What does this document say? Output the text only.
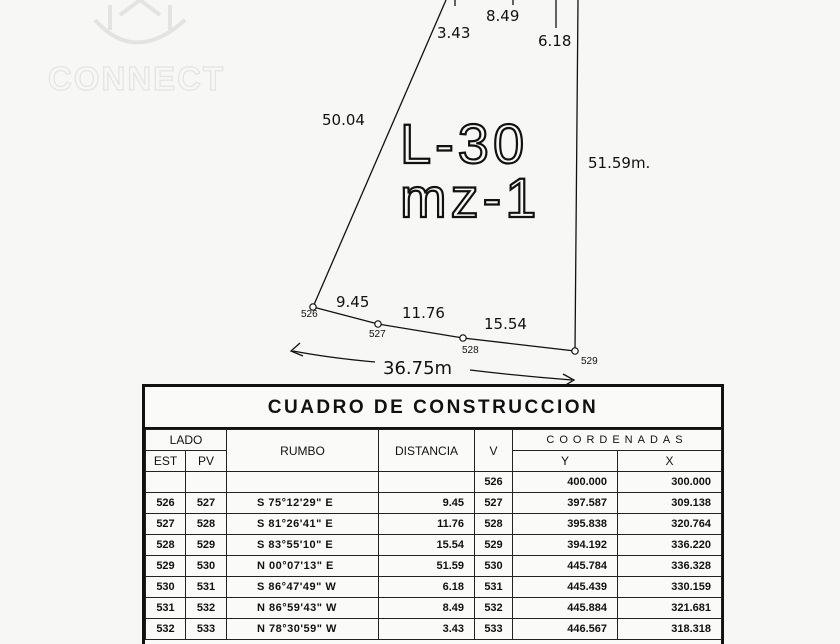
CONNECT
3.43
8.49
6.18
50.04
51.59m.
9.45
11.76
15.54
36.75m
L-30
mz-1
526
527
528
529
CUADRO DE CONSTRUCCION
LADO		RUMBO	DISTANCIA	V	COORDENADAS	
EST	PV				Y	X
				526	400.000	300.000
526	527	S 75°12'29" E	9.45	527	397.587	309.138
527	528	S 81°26'41" E	11.76	528	395.838	320.764
528	529	S 83°55'10" E	15.54	529	394.192	336.220
529	530	N 00°07'13" E	51.59	530	445.784	336.328
530	531	S 86°47'49" W	6.18	531	445.439	330.159
531	532	N 86°59'43" W	8.49	532	445.884	321.681
532	533	N 78°30'59" W	3.43	533	446.567	318.318
